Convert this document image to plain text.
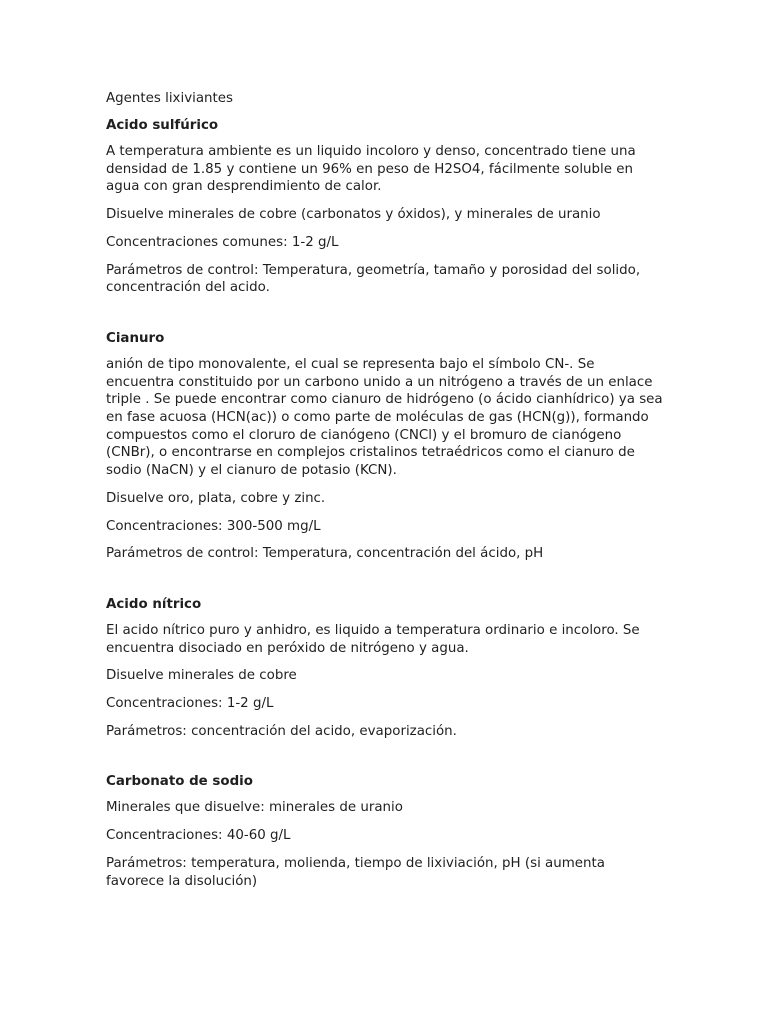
Agentes lixiviantes

Acido sulfúrico

A temperatura ambiente es un liquido incoloro y denso, concentrado tiene una densidad de 1.85 y contiene un 96% en peso de H2SO4, fácilmente soluble en agua con gran desprendimiento de calor.

Disuelve minerales de cobre (carbonatos y óxidos), y minerales de uranio

Concentraciones comunes: 1-2 g/L

Parámetros de control: Temperatura, geometría, tamaño y porosidad del solido, concentración del acido.

Cianuro

anión de tipo monovalente, el cual se representa bajo el símbolo CN-. Se encuentra constituido por un carbono unido a un nitrógeno a través de un enlace triple . Se puede encontrar como cianuro de hidrógeno (o ácido cianhídrico) ya sea en fase acuosa (HCN(ac)) o como parte de moléculas de gas (HCN(g)), formando compuestos como el cloruro de cianógeno (CNCl) y el bromuro de cianógeno (CNBr), o encontrarse en complejos cristalinos tetraédricos como el cianuro de sodio (NaCN) y el cianuro de potasio (KCN).

Disuelve oro, plata, cobre y zinc.

Concentraciones: 300-500 mg/L

Parámetros de control: Temperatura, concentración del ácido, pH

Acido nítrico

El acido nítrico puro y anhidro, es liquido a temperatura ordinario e incoloro. Se encuentra disociado en peróxido de nitrógeno y agua.

Disuelve minerales de cobre

Concentraciones: 1-2 g/L

Parámetros: concentración del acido, evaporización.

Carbonato de sodio

Minerales que disuelve: minerales de uranio

Concentraciones: 40-60 g/L

Parámetros: temperatura, molienda, tiempo de lixiviación, pH (si aumenta favorece la disolución)
